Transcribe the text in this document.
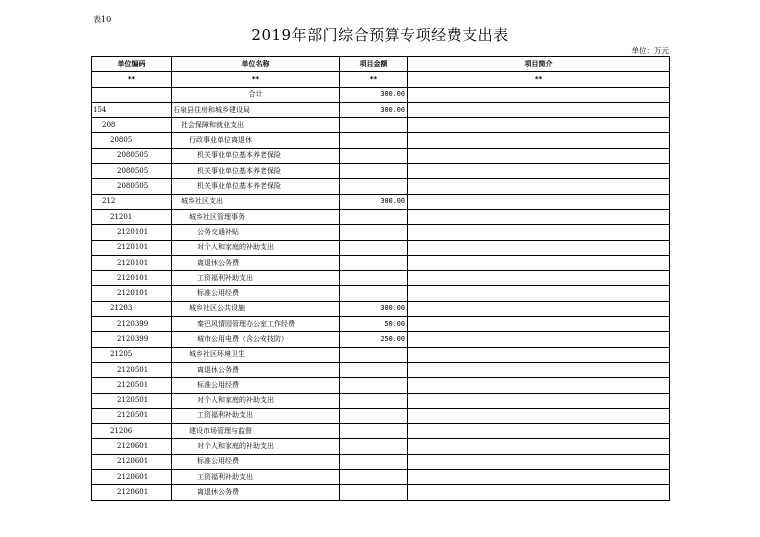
表10
2019年部门综合预算专项经费支出表
单位：万元
单位编码	单位名称	项目金额	项目简介
**	**	**	**
	合计	300.00	
154	石泉县住房和城乡建设局	300.00	
208	社会保障和就业支出		
20805	行政事业单位离退休		
2080505	机关事业单位基本养老保险		
2080505	机关事业单位基本养老保险		
2080505	机关事业单位基本养老保险		
212	城乡社区支出	300.00	
21201	城乡社区管理事务		
2120101	公务交通补贴		
2120101	对个人和家庭的补助支出		
2120101	离退休公务费		
2120101	工资福利补助支出		
2120101	标准公用经费		
21203	城乡社区公共设施	300.00	
2120399	秦巴风情园管理办公室工作经费	50.00	
2120399	城市公用电费（含公安技防）	250.00	
21205	城乡社区环境卫生		
2120501	离退休公务费		
2120501	标准公用经费		
2120501	对个人和家庭的补助支出		
2120501	工资福利补助支出		
21206	建设市场管理与监督		
2120601	对个人和家庭的补助支出		
2120601	标准公用经费		
2120601	工资福利补助支出		
2120601	离退休公务费		
